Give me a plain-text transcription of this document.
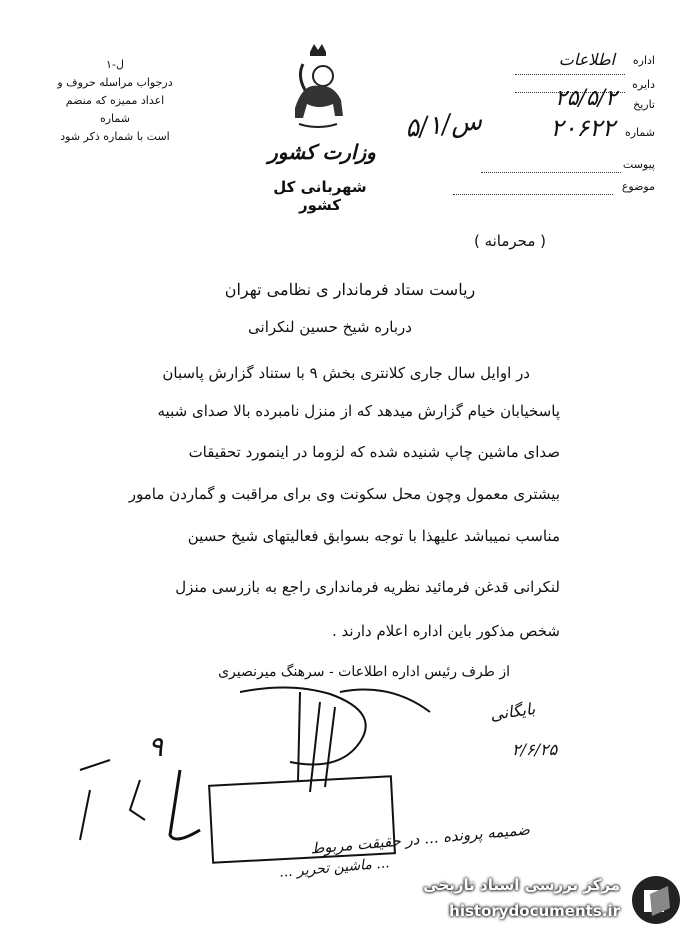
ل-۱
درجواب مراسله حروف و
اعداد ممیزه که منضم شماره
است با شماره ذکر شود
وزارت کشور
شهربانی کل کشور
اداره
اطلاعات
دایره
تاریخ
۲۵/۵/۲
۵/۱/س	شماره
۲۰۶۲۲
پیوست
موضوع
( محرمانه )
ریاست ستاد فرماندار ی نظامی تهران
درباره شیخ حسین لنکرانی
در اوایل سال جاری کلانتری بخش ۹ با ستناد گزارش پاسبان
پاسخیابان خیام گزارش میدهد که از منزل نامبرده بالا صدای شبیه
صدای ماشین چاپ شنیده شده که لزوما در اینمورد تحقیقات
بیشتری معمول وچون محل سکونت وی برای مراقبت و گماردن مامور
مناسب نمیباشد علیهذا با توجه بسوابق فعالیتهای شیخ حسین
لنکرانی قدغن فرمائید نظریه فرمانداری راجع به بازرسی منزل
شخص مذکور باین اداره اعلام دارند .
از طرف رئیس اداره اطلاعات - سرهنگ میرنصیری
بایگانی
۲/۶/۲۵
۹
ضمیمه پرونده ... در حقیقت مربوط
... ماشین تحریر ...
مرکز بررسی اسناد تاریخی
historydocuments.ir
